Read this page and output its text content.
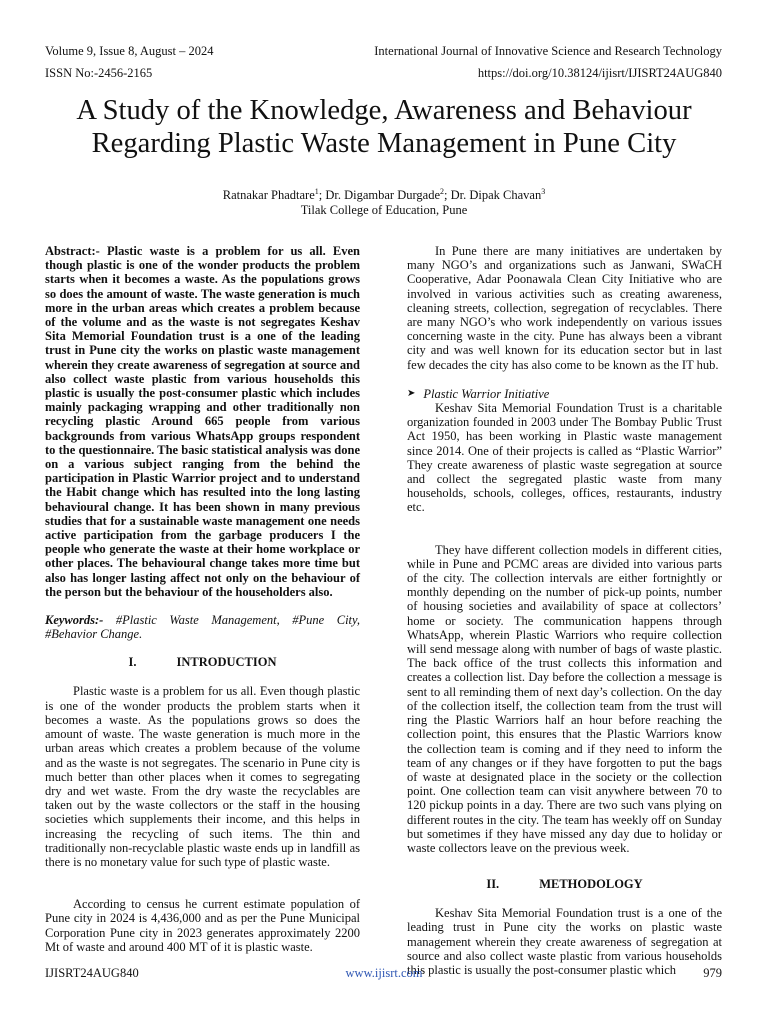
Volume 9, Issue 8, August – 2024
ISSN No:-2456-2165
International Journal of Innovative Science and Research Technology
https://doi.org/10.38124/ijisrt/IJISRT24AUG840
A Study of the Knowledge, Awareness and Behaviour Regarding Plastic Waste Management in Pune City
Ratnakar Phadtare$^1$; Dr. Digambar Durgade$^2$; Dr. Dipak Chavan$^3$
Tilak College of Education, Pune

Abstract:- Plastic waste is a problem for us all. Even though plastic is one of the wonder products the problem starts when it becomes a waste. As the populations grows so does the amount of waste. The waste generation is much more in the urban areas which creates a problem because of the volume and as the waste is not segregates Keshav Sita Memorial Foundation trust is a one of the leading trust in Pune city the works on plastic waste management wherein they create awareness of segregation at source and also collect waste plastic from various households this plastic is usually the post-consumer plastic which includes mainly packaging wrapping and other traditionally non recycling plastic Around 665 people from various backgrounds from various WhatsApp groups respondent to the questionnaire. The basic statistical analysis was done on a various subject ranging from the behind the participation in Plastic Warrior project and to understand the Habit change which has resulted into the long lasting behavioural change. It has been shown in many previous studies that for a sustainable waste management one needs active participation from the garbage producers I the people who generate the waste at their home workplace or other places. The behavioural change takes more time but also has longer lasting affect not only on the behaviour of the person but the behaviour of the householders also.

Keywords:- #Plastic Waste Management, #Pune City, #Behavior Change.

I.	INTRODUCTION

Plastic waste is a problem for us all. Even though plastic is one of the wonder products the problem starts when it becomes a waste. As the populations grows so does the amount of waste. The waste generation is much more in the urban areas which creates a problem because of the volume and as the waste is not segregates. The scenario in Pune city is much better than other places when it comes to segregating dry and wet waste. From the dry waste the recyclables are taken out by the waste collectors or the staff in the housing societies which supplements their income, and this helps in increasing the recycling of such items. The thin and traditionally non-recyclable plastic waste ends up in landfill as there is no monetary value for such type of plastic waste.

According to census he current estimate population of Pune city in 2024 is 4,436,000 and as per the Pune Municipal Corporation Pune city in 2023 generates approximately 2200 Mt of waste and around 400 MT of it is plastic waste.

In Pune there are many initiatives are undertaken by many NGO’s and organizations such as Janwani, SWaCH Cooperative, Adar Poonawala Clean City Initiative who are involved in various activities such as creating awareness, cleaning streets, collection, segregation of recyclables. There are many NGO’s who work independently on various issues concerning waste in the city. Pune has always been a vibrant city and was well known for its education sector but in last few decades the city has also come to be known as the IT hub.

➤ Plastic Warrior Initiative

Keshav Sita Memorial Foundation Trust is a charitable organization founded in 2003 under The Bombay Public Trust Act 1950, has been working in Plastic waste management since 2014. One of their projects is called as “Plastic Warrior” They create awareness of plastic waste segregation at source and collect the segregated plastic waste from many households, schools, colleges, offices, restaurants, industry etc.

They have different collection models in different cities, while in Pune and PCMC areas are divided into various parts of the city. The collection intervals are either fortnightly or monthly depending on the number of pick-up points, number of housing societies and availability of space at collectors’ home or society. The communication happens through WhatsApp, wherein Plastic Warriors who require collection will send message along with number of bags of waste plastic. The back office of the trust collects this information and creates a collection list. Day before the collection a message is sent to all reminding them of next day’s collection. On the day of the collection itself, the collection team from the trust will ring the Plastic Warriors half an hour before reaching the collection point, this ensures that the Plastic Warriors know the collection team is coming and if they need to inform the team of any changes or if they have forgotten to put the bags of waste at designated place in the society or the collection point. One collection team can visit anywhere between 70 to 120 pickup points in a day. There are two such vans plying on different routes in the city. The team has weekly off on Sunday but sometimes if they have missed any day due to holiday or waste collectors leave on the previous week.

II.	METHODOLOGY

Keshav Sita Memorial Foundation trust is a one of the leading trust in Pune city the works on plastic waste management wherein they create awareness of segregation at source and also collect waste plastic from various households this plastic is usually the post-consumer plastic which

www.ijisrt.com
IJISRT24AUG840	979
